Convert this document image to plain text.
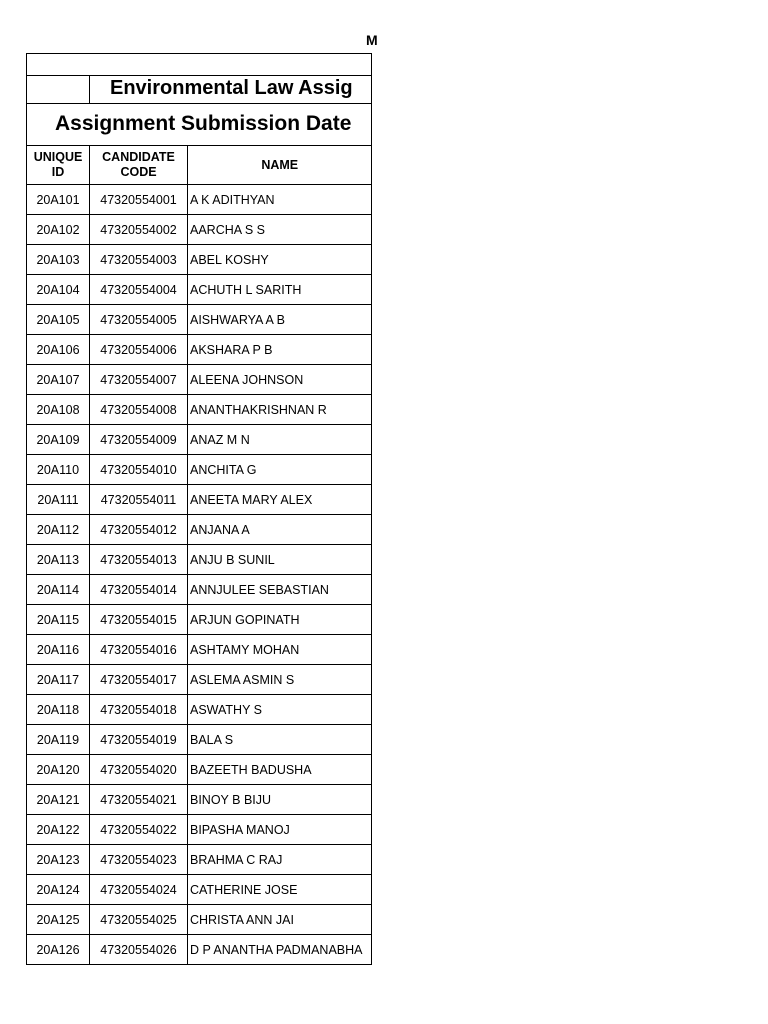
M

	Environmental Law Assig	

Assignment Submission Date		

UNIQUE ID	CANDIDATE CODE	NAME
20A101	47320554001	A K ADITHYAN
20A102	47320554002	AARCHA S S
20A103	47320554003	ABEL KOSHY
20A104	47320554004	ACHUTH L SARITH
20A105	47320554005	AISHWARYA A B
20A106	47320554006	AKSHARA P B
20A107	47320554007	ALEENA JOHNSON
20A108	47320554008	ANANTHAKRISHNAN R
20A109	47320554009	ANAZ M N
20A110	47320554010	ANCHITA G
20A111	47320554011	ANEETA MARY ALEX
20A112	47320554012	ANJANA A
20A113	47320554013	ANJU B SUNIL
20A114	47320554014	ANNJULEE SEBASTIAN
20A115	47320554015	ARJUN GOPINATH
20A116	47320554016	ASHTAMY MOHAN
20A117	47320554017	ASLEMA ASMIN S
20A118	47320554018	ASWATHY S
20A119	47320554019	BALA S
20A120	47320554020	BAZEETH BADUSHA
20A121	47320554021	BINOY B BIJU
20A122	47320554022	BIPASHA MANOJ
20A123	47320554023	BRAHMA C RAJ
20A124	47320554024	CATHERINE JOSE
20A125	47320554025	CHRISTA ANN JAI
20A126	47320554026	D P ANANTHA PADMANABHA
